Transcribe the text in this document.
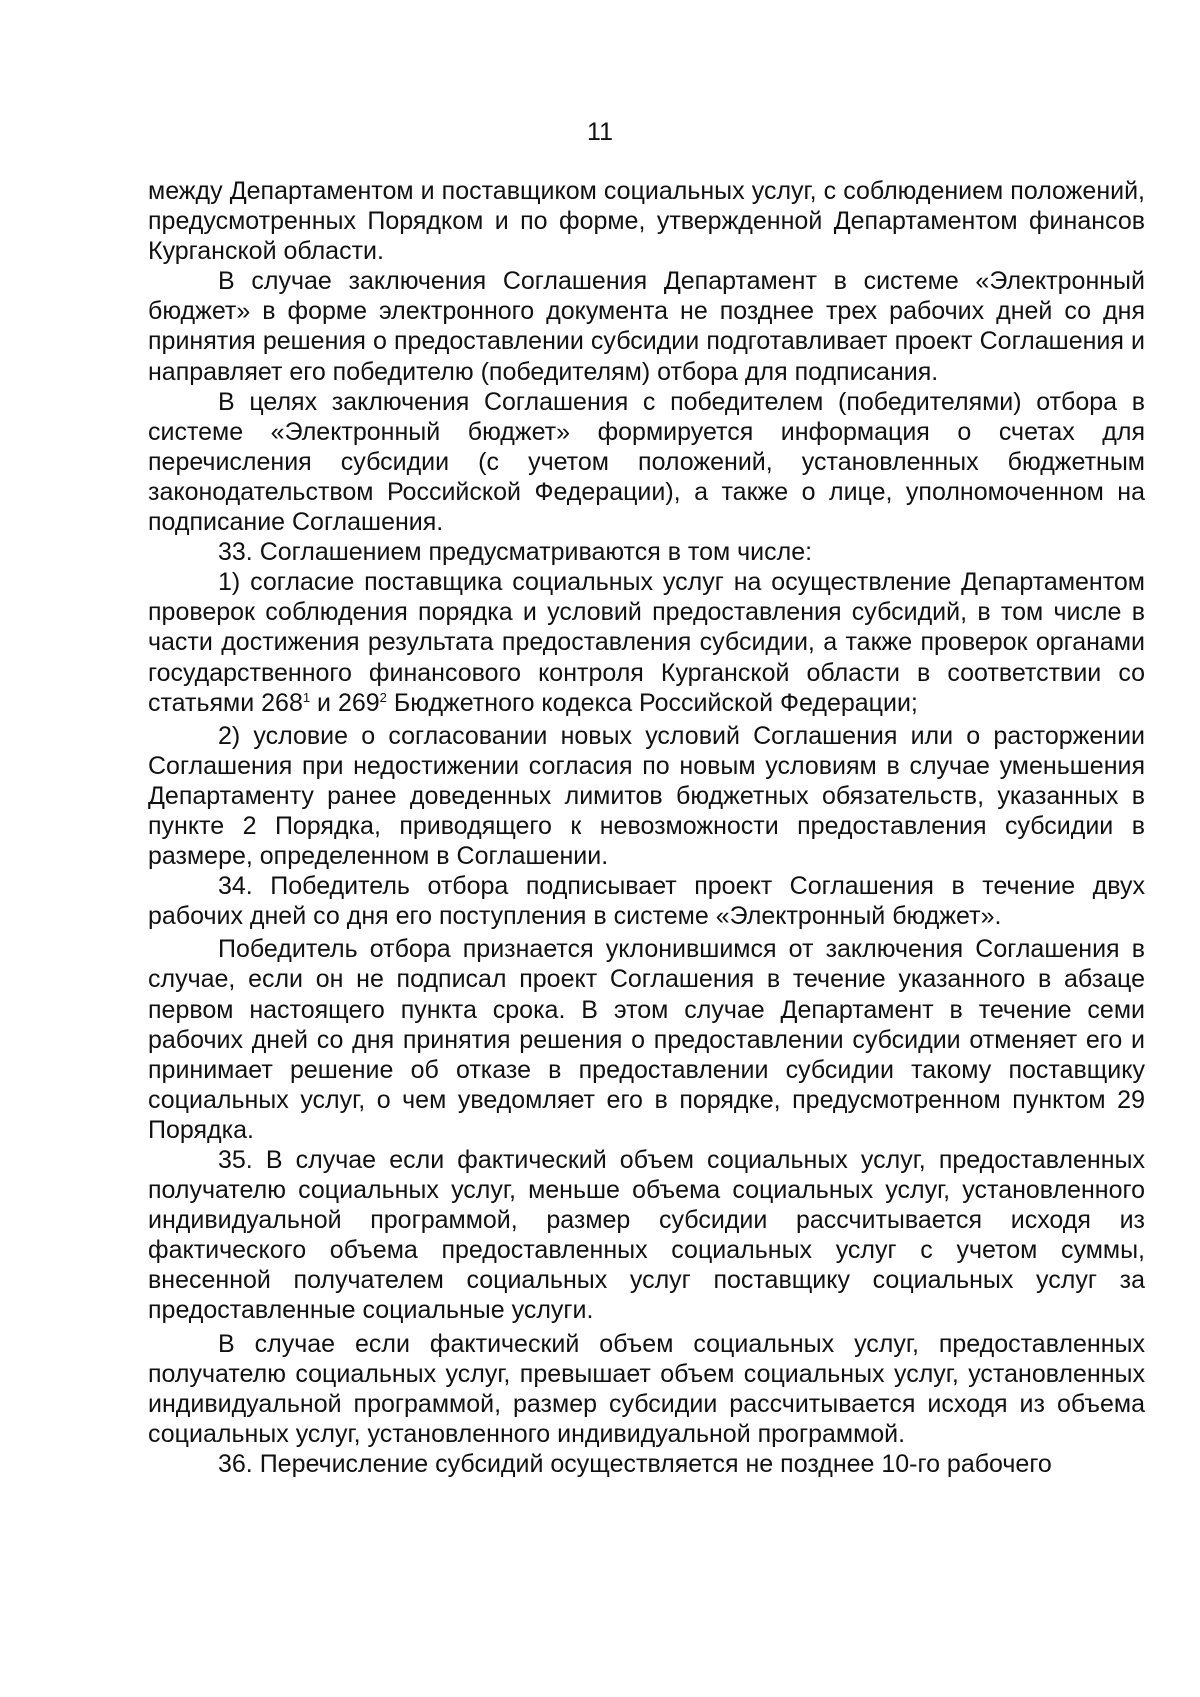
11

между Департаментом и поставщиком социальных услуг, с соблюдением положений, предусмотренных Порядком и по форме, утвержденной Департаментом финансов Курганской области.

В случае заключения Соглашения Департамент в системе «Электронный бюджет» в форме электронного документа не позднее трех рабочих дней со дня принятия решения о предоставлении субсидии подготавливает проект Соглашения и направляет его победителю (победителям) отбора для подписания.

В целях заключения Соглашения с победителем (победителями) отбора в системе «Электронный бюджет» формируется информация о счетах для перечисления субсидии (с учетом положений, установленных бюджетным законодательством Российской Федерации), а также о лице, уполномоченном на подписание Соглашения.

33. Соглашением предусматриваются в том числе:

1) согласие поставщика социальных услуг на осуществление Департаментом проверок соблюдения порядка и условий предоставления субсидий, в том числе в части достижения результата предоставления субсидии, а также проверок органами государственного финансового контроля Курганской области в соответствии со статьями $268^1$ и $269^2$ Бюджетного кодекса Российской Федерации;

2) условие о согласовании новых условий Соглашения или о расторжении Соглашения при недостижении согласия по новым условиям в случае уменьшения Департаменту ранее доведенных лимитов бюджетных обязательств, указанных в пункте 2 Порядка, приводящего к невозможности предоставления субсидии в размере, определенном в Соглашении.

34. Победитель отбора подписывает проект Соглашения в течение двух рабочих дней со дня его поступления в системе «Электронный бюджет».

Победитель отбора признается уклонившимся от заключения Соглашения в случае, если он не подписал проект Соглашения в течение указанного в абзаце первом настоящего пункта срока. В этом случае Департамент в течение семи рабочих дней со дня принятия решения о предоставлении субсидии отменяет его и принимает решение об отказе в предоставлении субсидии такому поставщику социальных услуг, о чем уведомляет его в порядке, предусмотренном пунктом 29 Порядка.

35. В случае если фактический объем социальных услуг, предоставленных получателю социальных услуг, меньше объема социальных услуг, установленного индивидуальной программой, размер субсидии рассчитывается исходя из фактического объема предоставленных социальных услуг с учетом суммы, внесенной получателем социальных услуг поставщику социальных услуг за предоставленные социальные услуги.

В случае если фактический объем социальных услуг, предоставленных получателю социальных услуг, превышает объем социальных услуг, установленных индивидуальной программой, размер субсидии рассчитывается исходя из объема социальных услуг, установленного индивидуальной программой.

36. Перечисление субсидий осуществляется не позднее 10-го рабочего
